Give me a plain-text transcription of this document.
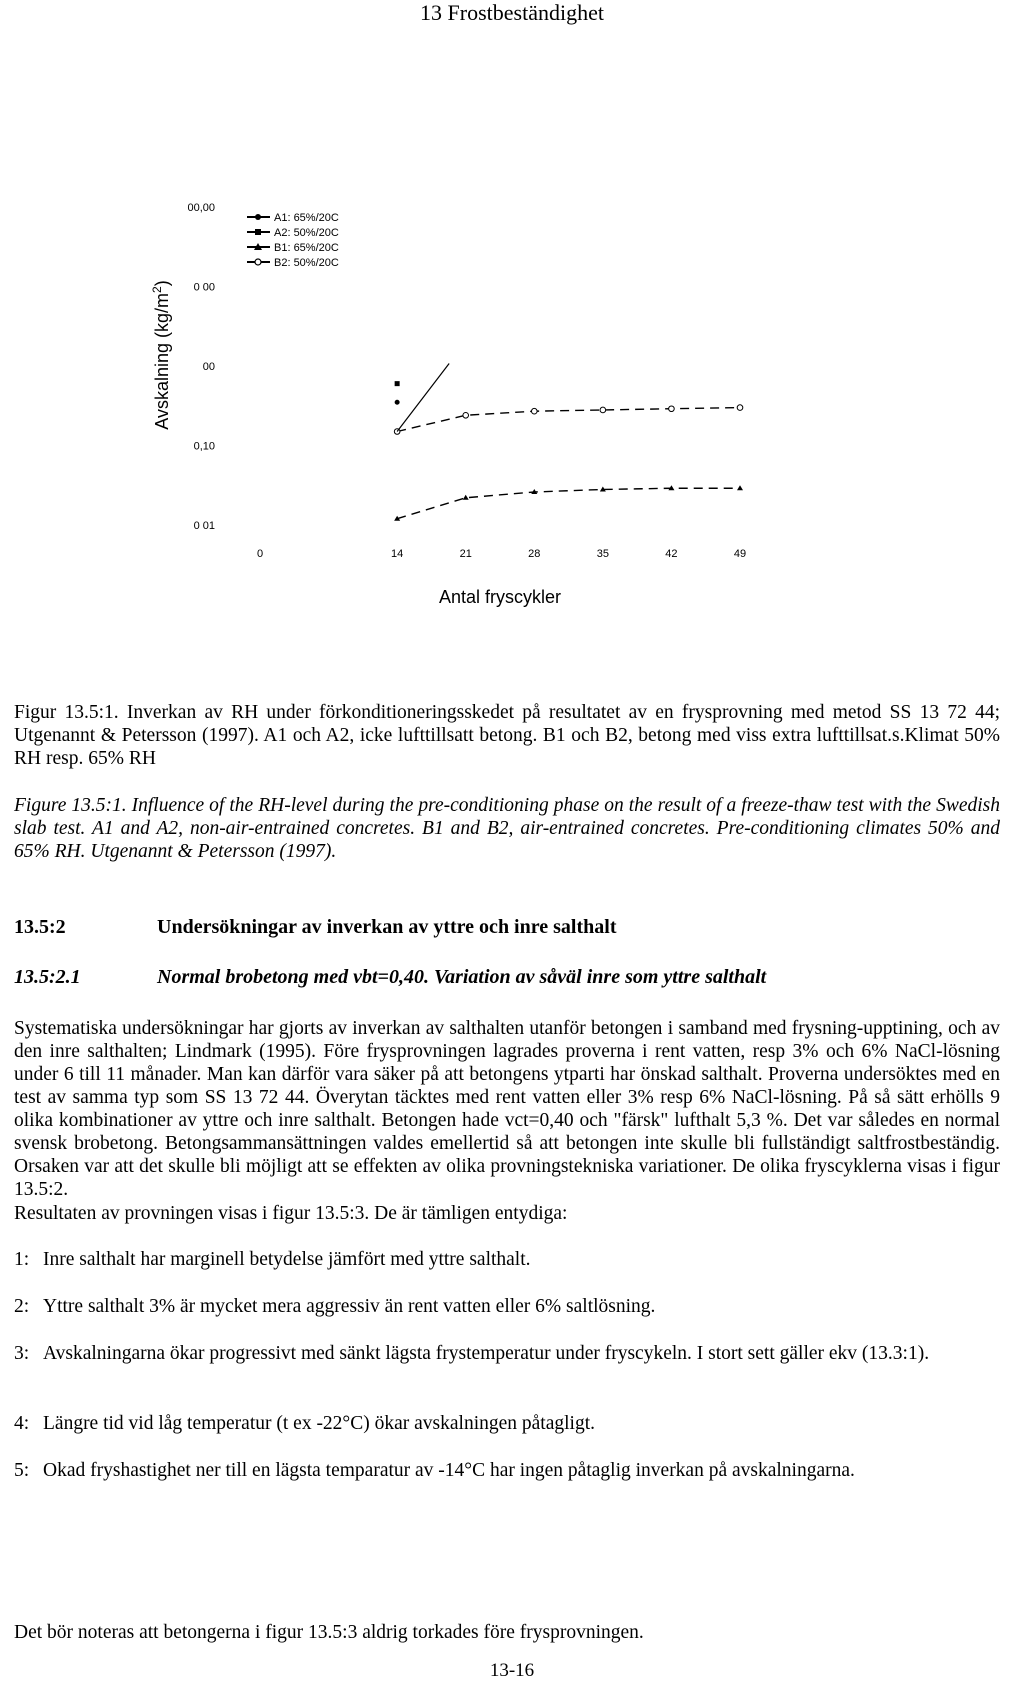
13 Frostbeständighet
00,00
0 00
00
0,10
0 01
0	14	21	28	35	42	49
Antal fryscykler
Avskalning $(kg/m^2)$
A1: 65%/20C
A2: 50%/20C
B1: 65%/20C
B2: 50%/20C
Figur 13.5:1. Inverkan av RH under förkonditioneringsskedet på resultatet av en frysprovning med metod SS 13 72 44; Utgenannt & Petersson (1997). A1 och A2, icke lufttillsatt betong. B1 och B2, betong med viss extra lufttillsat.s.Klimat 50% RH resp. 65% RH
Figure 13.5:1. Influence of the RH-level during the pre-conditioning phase on the result of a freeze-thaw test with the Swedish slab test. A1 and A2, non-air-entrained concretes. B1 and B2, air-entrained concretes. Pre-conditioning climates 50% and 65% RH. Utgenannt & Petersson (1997).
13.5:2	Undersökningar av inverkan av yttre och inre salthalt
13.5:2.1	Normal brobetong med vbt=0,40. Variation av såväl inre som yttre salthalt
Systematiska undersökningar har gjorts av inverkan av salthalten utanför betongen i samband med frysning-upptining, och av den inre salthalten; Lindmark (1995). Före frysprovningen lagrades proverna i rent vatten, resp 3% och 6% NaCl-lösning under 6 till 11 månader. Man kan därför vara säker på att betongens ytparti har önskad salthalt. Proverna undersöktes med en test av samma typ som SS 13 72 44. Överytan täcktes med rent vatten eller 3% resp 6% NaCl-lösning. På så sätt erhölls 9 olika kombinationer av yttre och inre salthalt. Betongen hade vct=0,40 och "färsk" lufthalt 5,3 %. Det var således en normal svensk brobetong. Betongsammansättningen valdes emellertid så att betongen inte skulle bli fullständigt saltfrostbeständig. Orsaken var att det skulle bli möjligt att se effekten av olika provningstekniska variationer. De olika fryscyklerna visas i figur 13.5:2.
Resultaten av provningen visas i figur 13.5:3. De är tämligen entydiga:
1: Inre salthalt har marginell betydelse jämfört med yttre salthalt.
2: Yttre salthalt 3% är mycket mera aggressiv än rent vatten eller 6% saltlösning.
3: Avskalningarna ökar progressivt med sänkt lägsta frystemperatur under fryscykeln. I stort sett gäller ekv (13.3:1).
4: Längre tid vid låg temperatur (t ex -22°C) ökar avskalningen påtagligt.
5: Okad fryshastighet ner till en lägsta temparatur av -14°C har ingen påtaglig inverkan på avskalningarna.
Det bör noteras att betongerna i figur 13.5:3 aldrig torkades före frysprovningen.
13-16
